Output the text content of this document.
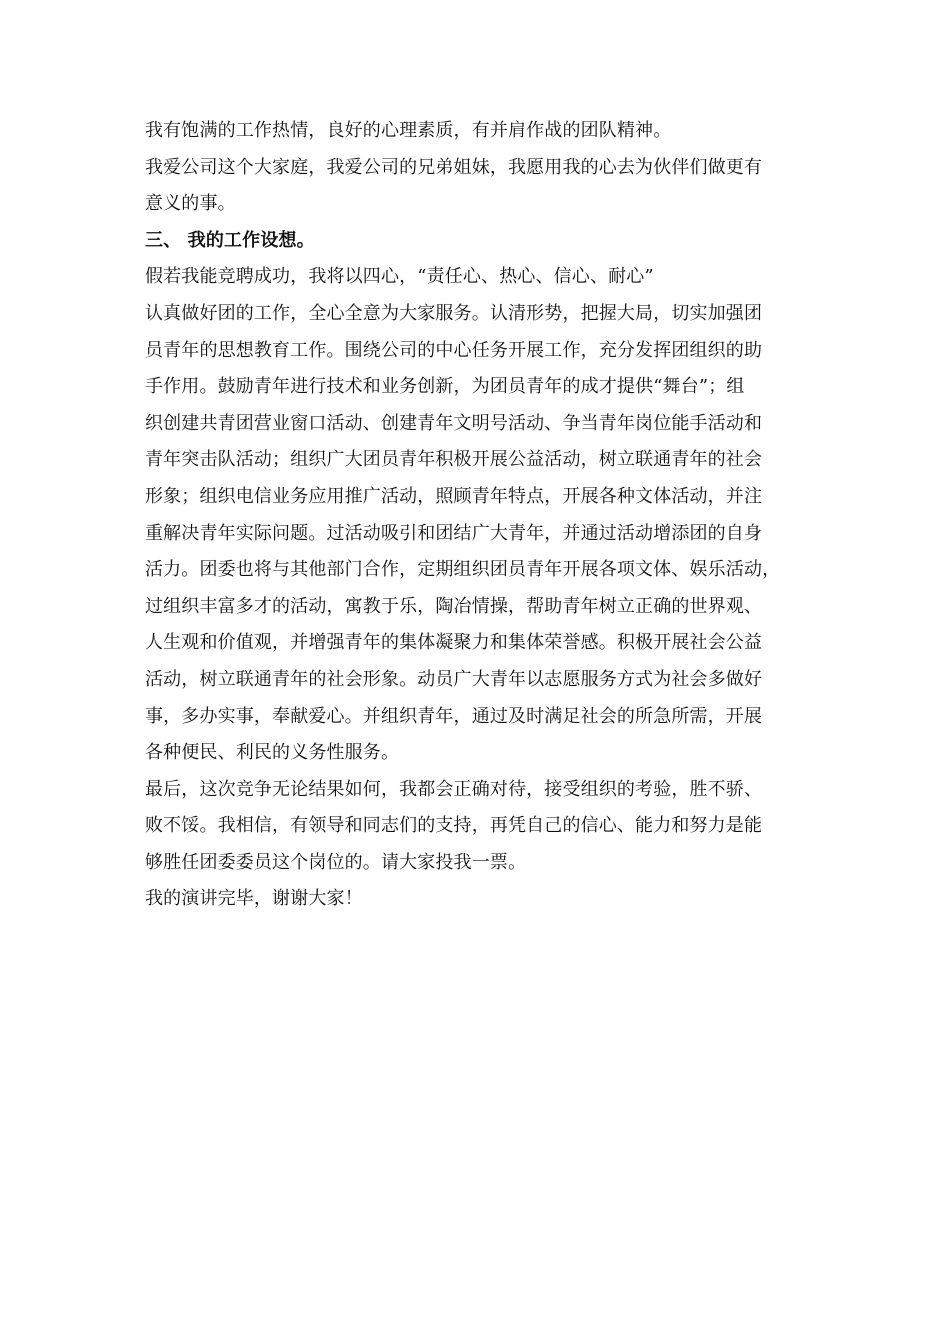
我有饱满的工作热情，良好的心理素质，有并肩作战的团队精神。
我爱公司这个大家庭，我爱公司的兄弟姐妹，我愿用我的心去为伙伴们做更有
意义的事。
三、 我的工作设想。
假若我能竞聘成功，我将以四心，“责任心、热心、信心、耐心”
认真做好团的工作，全心全意为大家服务。认清形势，把握大局，切实加强团
员青年的思想教育工作。围绕公司的中心任务开展工作，充分发挥团组织的助
手作用。鼓励青年进行技术和业务创新，为团员青年的成才提供“舞台”；组
织创建共青团营业窗口活动、创建青年文明号活动、争当青年岗位能手活动和
青年突击队活动；组织广大团员青年积极开展公益活动，树立联通青年的社会
形象；组织电信业务应用推广活动，照顾青年特点，开展各种文体活动，并注
重解决青年实际问题。过活动吸引和团结广大青年，并通过活动增添团的自身
活力。团委也将与其他部门合作，定期组织团员青年开展各项文体、娱乐活动，
过组织丰富多才的活动，寓教于乐，陶冶情操，帮助青年树立正确的世界观、
人生观和价值观，并增强青年的集体凝聚力和集体荣誉感。积极开展社会公益
活动，树立联通青年的社会形象。动员广大青年以志愿服务方式为社会多做好
事，多办实事，奉献爱心。并组织青年，通过及时满足社会的所急所需，开展
各种便民、利民的义务性服务。
最后，这次竞争无论结果如何，我都会正确对待，接受组织的考验，胜不骄、
败不馁。我相信，有领导和同志们的支持，再凭自己的信心、能力和努力是能
够胜任团委委员这个岗位的。请大家投我一票。
我的演讲完毕，谢谢大家！
